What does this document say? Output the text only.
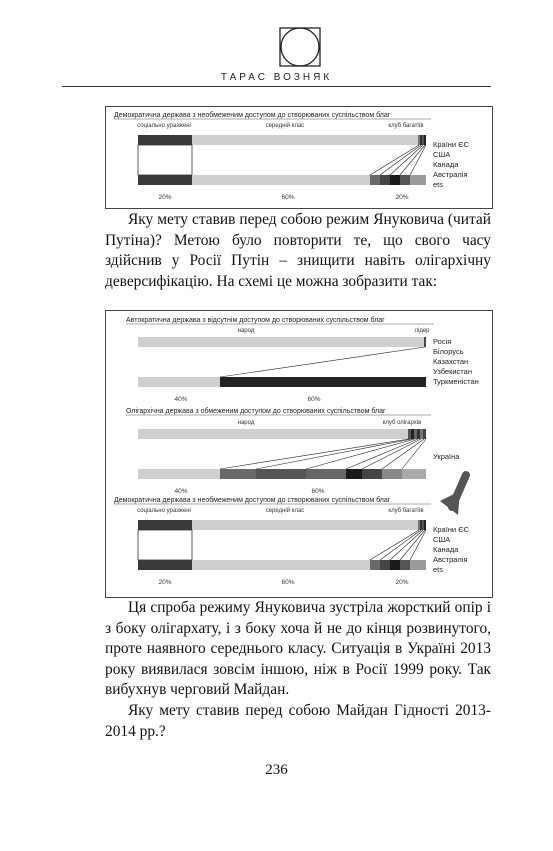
ТАРАС ВОЗНЯК
Демократична держава з необмеженим доступом до створюваних суспільством благ
соціально уразжені	середній клас	клуб багатіїв
20%	60%	20%
Країни ЄС
США
Канада
Австралія
ets

Яку мету ставив перед собою режим Януковича (читай Путіна)? Метою було повторити те, що свого часу здійснив у Росії Путін – знищити навіть олігархічну деверсифікацію. На схемі це можна зобразити так:

Автократична держава з відсутнім доступом до створюваних суспільством благ
народ	лідер
40%	60%
Росія
Білорусь
Казахстан
Узбекистан
Туркменістан
Олігархічна держава з обмеженим доступом до створюваних суспільством благ
народ	клуб олігархів
40%	60%
Україна
Демократична держава з необмеженим доступом до створюваних суспільством благ
соціально уразжені	середній клас	клуб багатіїв
20%	60%	20%
Країни ЄС
США
Канада
Австралія
ets

Ця спроба режиму Януковича зустріла жорсткий опір і з боку олігархату, і з боку хоча й не до кінця розвинутого, проте наявного середнього класу. Ситуація в Україні 2013 року виявилася зовсім іншою, ніж в Росії 1999 року. Так вибухнув черговий Майдан.

Яку мету ставив перед собою Майдан Гідності 2013-2014 рр.?

236
